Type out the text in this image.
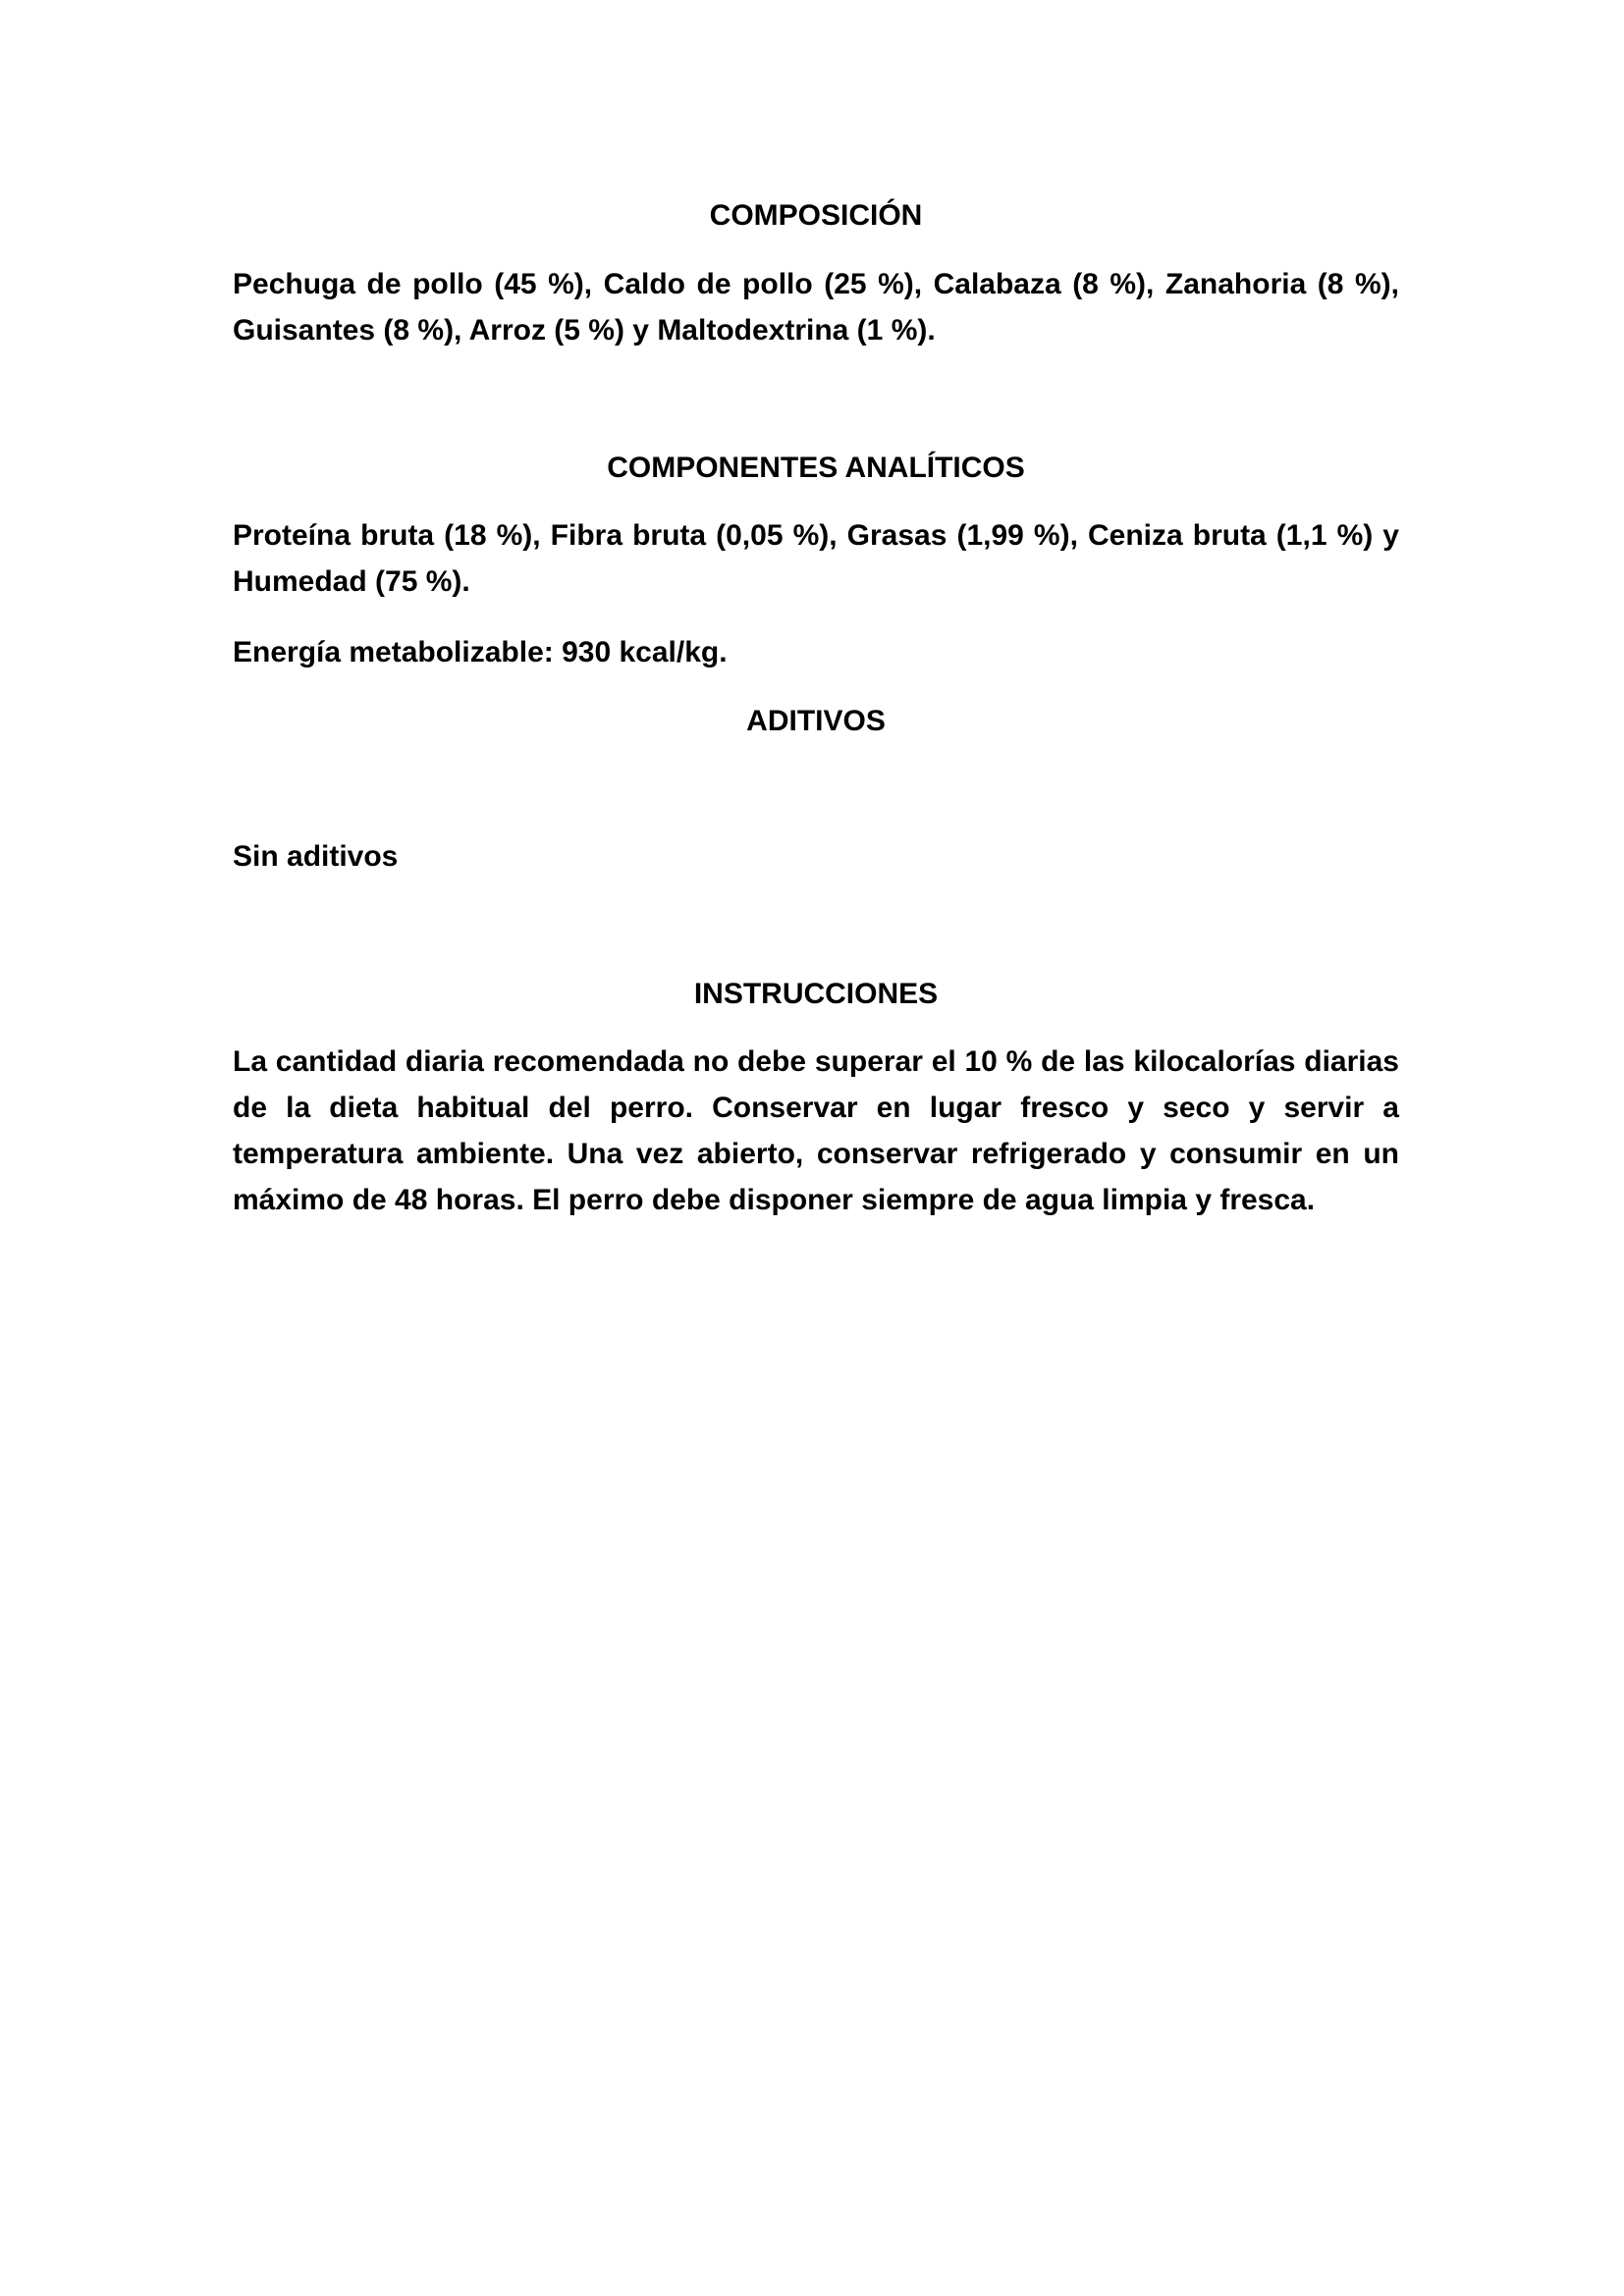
COMPOSICIÓN

Pechuga de pollo (45 %), Caldo de pollo (25 %), Calabaza (8 %), Zanahoria (8 %), Guisantes (8 %), Arroz (5 %) y Maltodextrina (1 %).

COMPONENTES ANALÍTICOS

Proteína bruta (18 %), Fibra bruta (0,05 %), Grasas (1,99 %), Ceniza bruta (1,1 %) y Humedad (75 %).

Energía metabolizable: 930 kcal/kg.

ADITIVOS

Sin aditivos

INSTRUCCIONES

La cantidad diaria recomendada no debe superar el 10 % de las kilocalorías diarias de la dieta habitual del perro. Conservar en lugar fresco y seco y servir a temperatura ambiente. Una vez abierto, conservar refrigerado y consumir en un máximo de 48 horas. El perro debe disponer siempre de agua limpia y fresca.
